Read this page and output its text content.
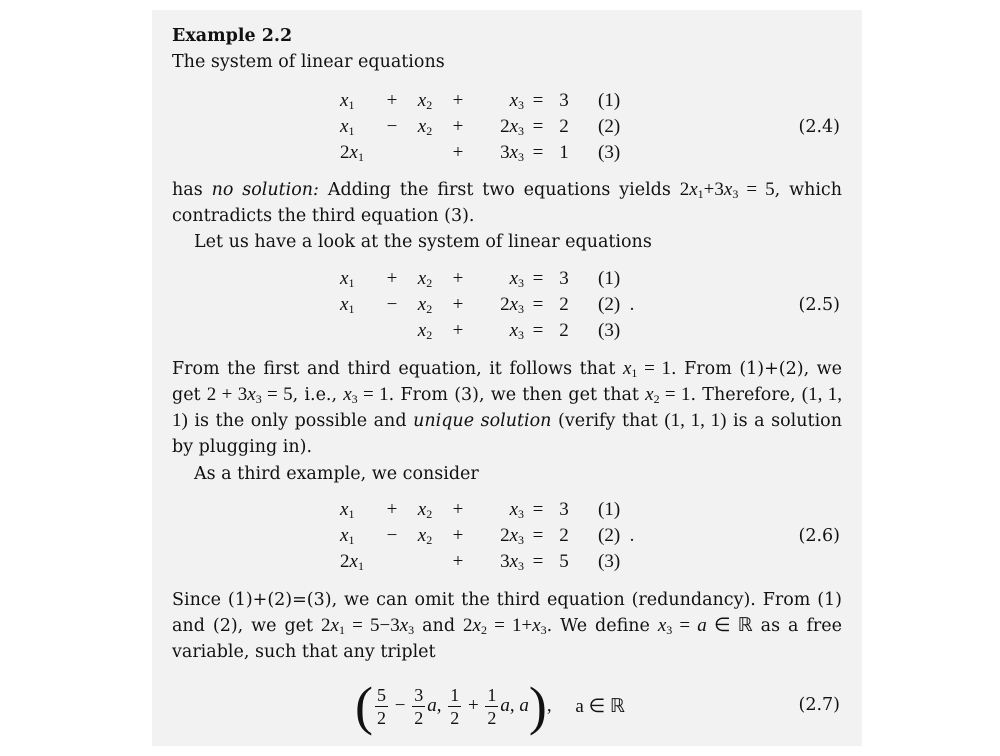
Example 2.2
The system of linear equations
$x_1$	+	$x_2$	+	$x_3$	=	3	(1)
$x_1$	−	$x_2$	+	$2x_3$	=	2	(2)
$2x_1$			+	$3x_3$	=	1	(3)
(2.4)
has no solution: Adding the first two equations yields $2x_1+3x_3 = 5$, which contradicts the third equation (3).
Let us have a look at the system of linear equations
$x_1$	+	$x_2$	+	$x_3$	=	3	(1)
$x_1$	−	$x_2$	+	$2x_3$	=	2	(2)  .
		$x_2$	+	$x_3$	=	2	(3)
(2.5)
From the first and third equation, it follows that $x_1 = 1$. From (1)+(2), we get $2 + 3x_3 = 5$, i.e., $x_3 = 1$. From (3), we then get that $x_2 = 1$. Therefore, (1, 1, 1) is the only possible and unique solution (verify that (1, 1, 1) is a solution by plugging in).
As a third example, we consider
$x_1$	+	$x_2$	+	$x_3$	=	3	(1)
$x_1$	−	$x_2$	+	$2x_3$	=	2	(2)  .
$2x_1$			+	$3x_3$	=	5	(3)
(2.6)
Since (1)+(2)=(3), we can omit the third equation (redundancy). From (1) and (2), we get $2x_1 = 5-3x_3$ and $2x_2 = 1+x_3$. We define $x_3 = a$ ∈ ℝ as a free variable, such that any triplet
( $\frac{5}{2} - \frac{3}{2}$ a , $\frac{1}{2} + \frac{1}{2}$ a , a ) , a ∈ ℝ	(2.7)
